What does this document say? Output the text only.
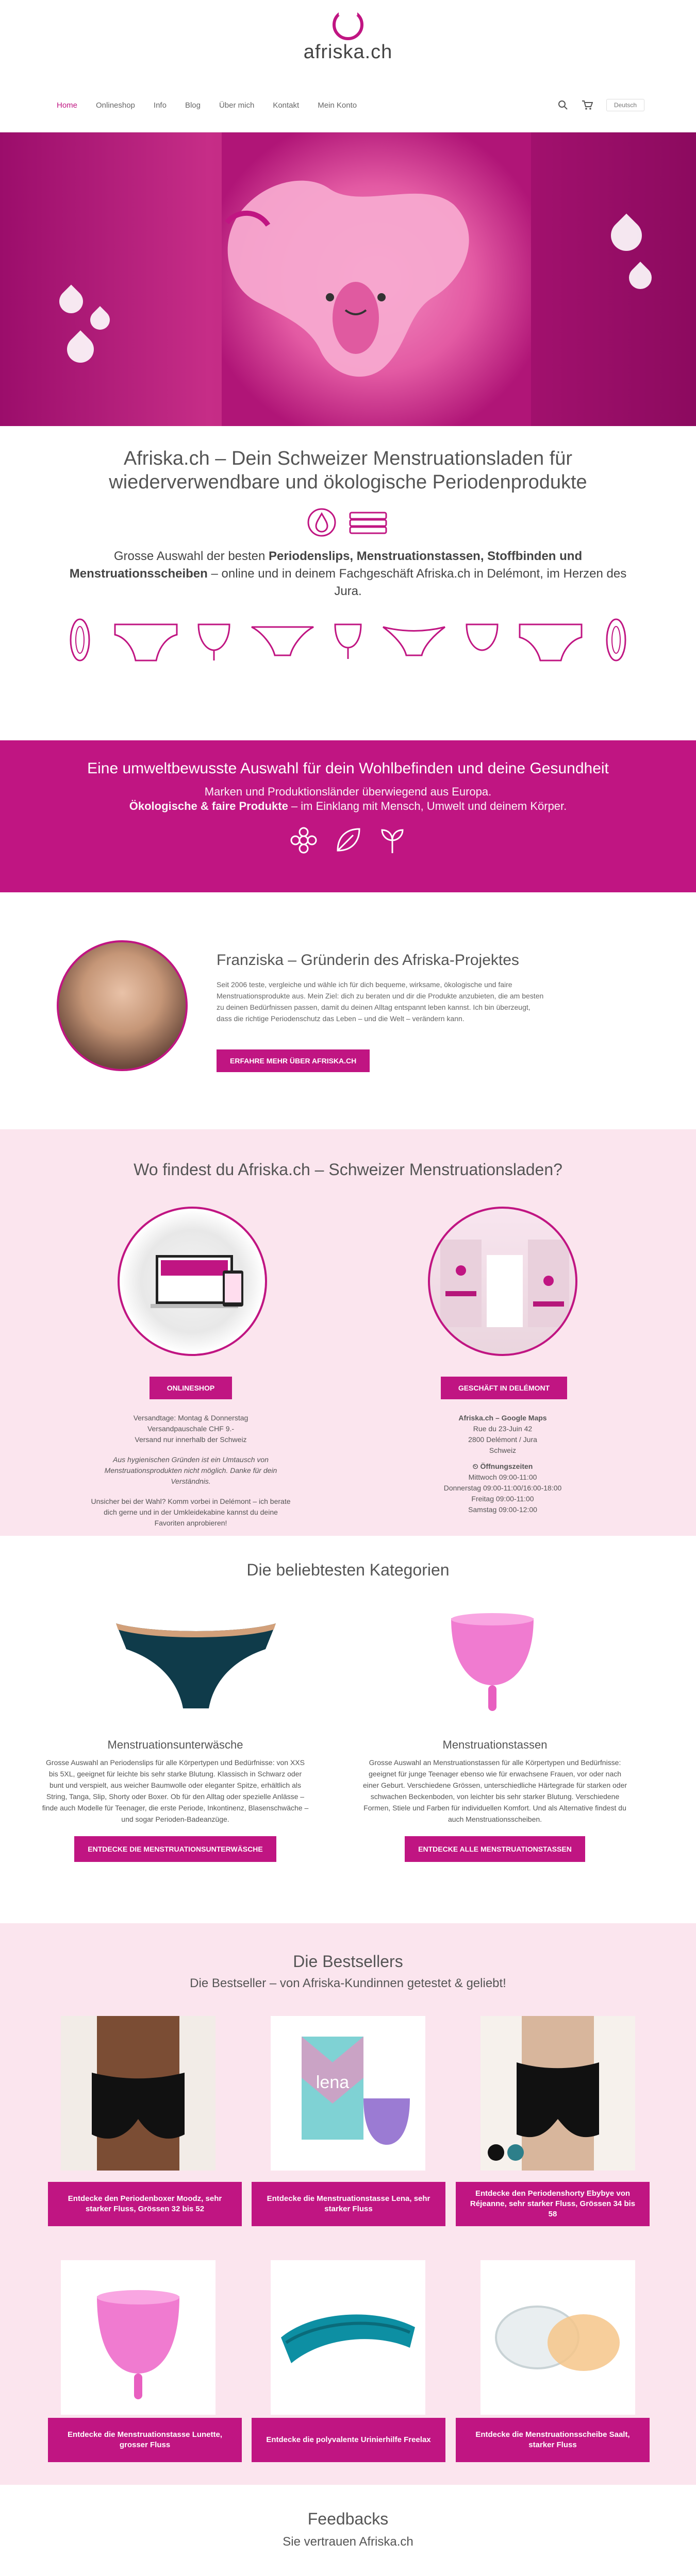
afriska.ch
Home Onlineshop Info Blog Über mich Kontakt Mein Konto	Deutsch
Afriska.ch – Dein Schweizer Menstruationsladen für wiederverwendbare und ökologische Periodenprodukte

Grosse Auswahl der besten Periodenslips, Menstruationstassen, Stoffbinden und Menstruationsscheiben – online und in deinem Fachgeschäft Afriska.ch in Delémont, im Herzen des Jura.

Eine umweltbewusste Auswahl für dein Wohlbefinden und deine Gesundheit

Marken und Produktionsländer überwiegend aus Europa.
Ökologische & faire Produkte – im Einklang mit Mensch, Umwelt und deinem Körper.

Franziska – Gründerin des Afriska-Projektes
Seit 2006 teste, vergleiche und wähle ich für dich bequeme, wirksame, ökologische und faire Menstruationsprodukte aus. Mein Ziel: dich zu beraten und dir die Produkte anzubieten, die am besten zu deinen Bedürfnissen passen, damit du deinen Alltag entspannt leben kannst. Ich bin überzeugt, dass die richtige Periodenschutz das Leben – und die Welt – verändern kann.
ERFAHRE MEHR ÜBER AFRISKA.CH
Wo findest du Afriska.ch – Schweizer Menstruationsladen?
ONLINESHOP	GESCHÄFT IN DELÉMONT
Versandtage: Montag & Donnerstag
Versandpauschale CHF 9.-
Versand nur innerhalb der Schweiz
Aus hygienischen Gründen ist ein Umtausch von Menstruationsprodukten nicht möglich. Danke für dein Verständnis.
Unsicher bei der Wahl? Komm vorbei in Delémont – ich berate dich gerne und in der Umkleidekabine kannst du deine Favoriten anprobieren!
Afriska.ch – Google Maps
Rue du 23-Juin 42
2800 Delémont / Jura
Schweiz
⏲ Öffnungszeiten
Mittwoch 09:00-11:00
Donnerstag 09:00-11:00/16:00-18:00
Freitag 09:00-11:00
Samstag 09:00-12:00
Die beliebtesten Kategorien
Menstruationsunterwäsche
Grosse Auswahl an Periodenslips für alle Körpertypen und Bedürfnisse: von XXS bis 5XL, geeignet für leichte bis sehr starke Blutung. Klassisch in Schwarz oder bunt und verspielt, aus weicher Baumwolle oder eleganter Spitze, erhältlich als String, Tanga, Slip, Shorty oder Boxer. Ob für den Alltag oder spezielle Anlässe – finde auch Modelle für Teenager, die erste Periode, Inkontinenz, Blasenschwäche – und sogar Perioden-Badeanzüge.
ENTDECKE DIE MENSTRUATIONSUNTERWÄSCHE
Menstruationstassen
Grosse Auswahl an Menstruationstassen für alle Körpertypen und Bedürfnisse: geeignet für junge Teenager ebenso wie für erwachsene Frauen, vor oder nach einer Geburt. Verschiedene Grössen, unterschiedliche Härtegrade für starken oder schwachen Beckenboden, von leichter bis sehr starker Blutung. Verschiedene Formen, Stiele und Farben für individuellen Komfort. Und als Alternative findest du auch Menstruationsscheiben.
ENTDECKE ALLE MENSTRUATIONSTASSEN
Die Bestsellers
Die Bestseller – von Afriska-Kundinnen getestet & geliebt!
lena
Entdecke den Periodenboxer Moodz, sehr starker Fluss, Grössen 32 bis 52
Entdecke die Menstruationstasse Lena, sehr starker Fluss
Entdecke den Periodenshorty Ebybye von Réjeanne, sehr starker Fluss, Grössen 34 bis 58
Entdecke die Menstruationstasse Lunette, grosser Fluss
Entdecke die polyvalente Urinierhilfe Freelax
Entdecke die Menstruationsscheibe Saalt, starker Fluss
Feedbacks
Sie vertrauen Afriska.ch
